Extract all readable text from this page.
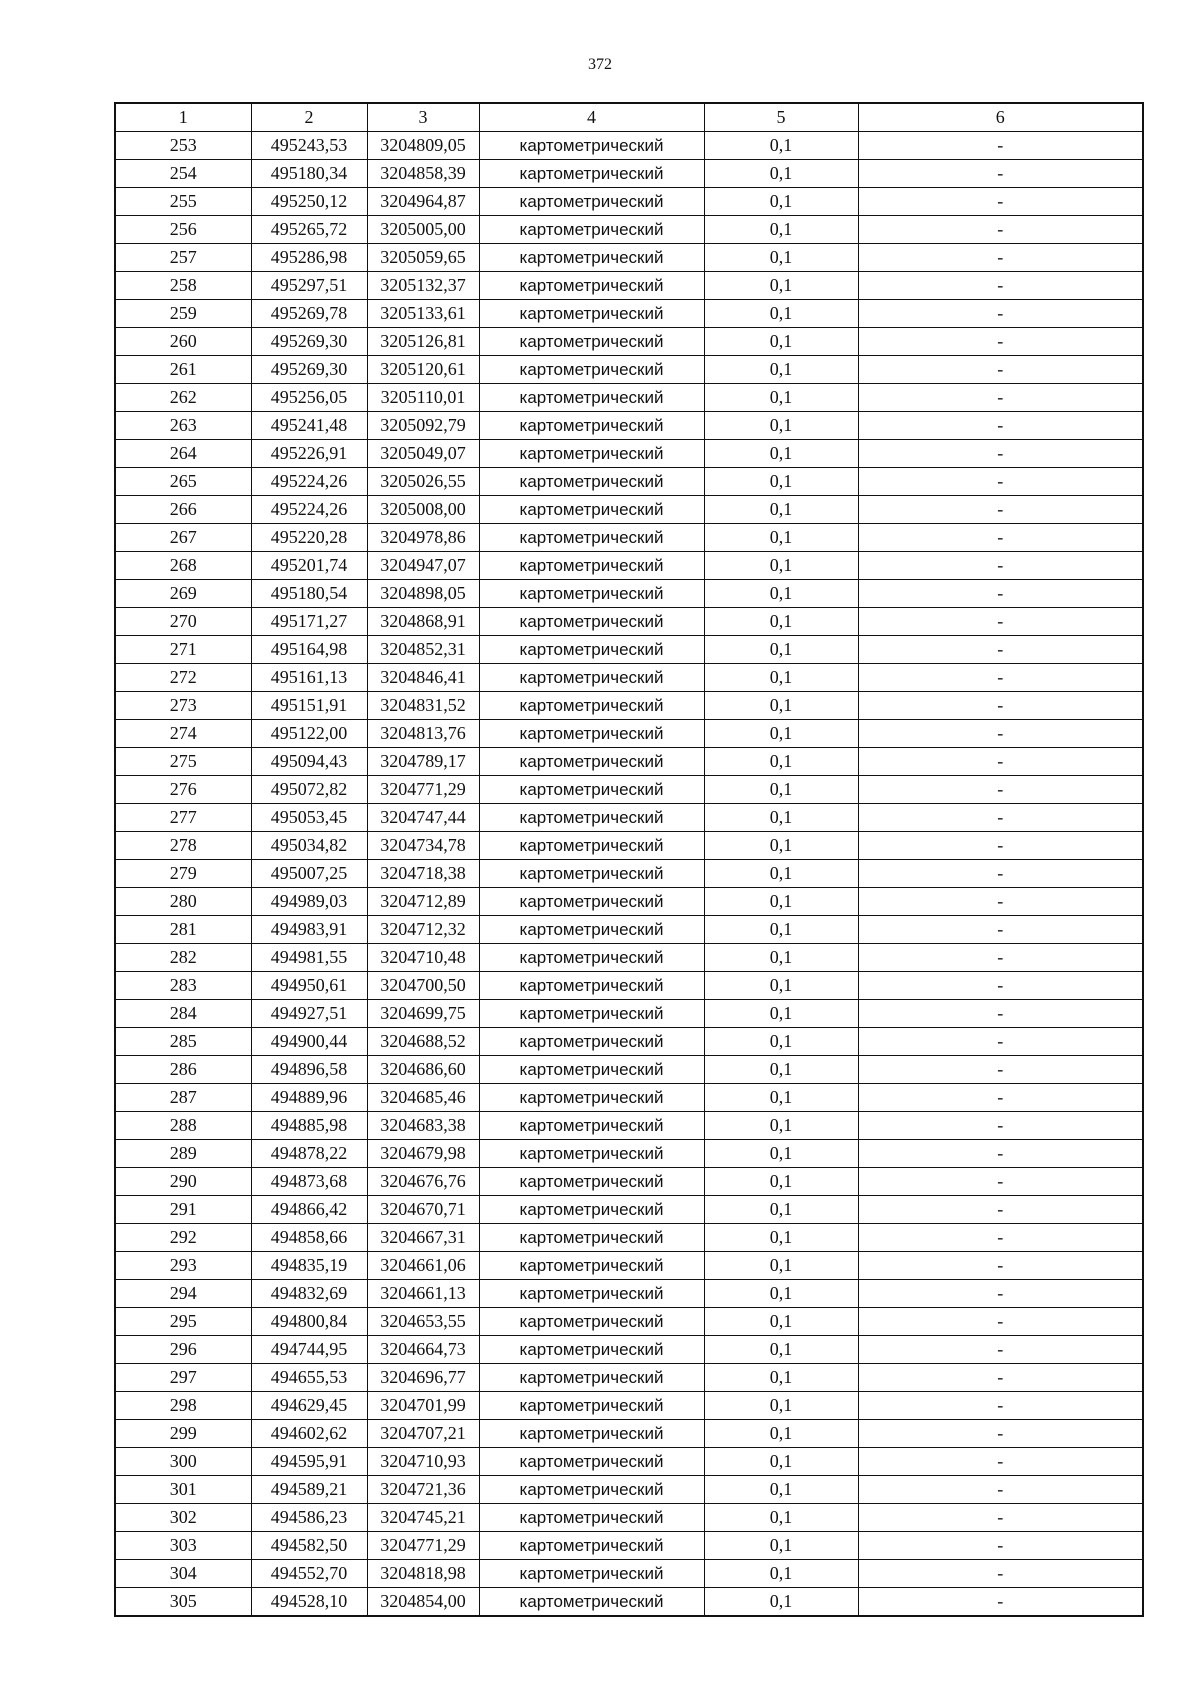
372
1	2	3	4	5	6
253	495243,53	3204809,05	картометрический	0,1	-
254	495180,34	3204858,39	картометрический	0,1	-
255	495250,12	3204964,87	картометрический	0,1	-
256	495265,72	3205005,00	картометрический	0,1	-
257	495286,98	3205059,65	картометрический	0,1	-
258	495297,51	3205132,37	картометрический	0,1	-
259	495269,78	3205133,61	картометрический	0,1	-
260	495269,30	3205126,81	картометрический	0,1	-
261	495269,30	3205120,61	картометрический	0,1	-
262	495256,05	3205110,01	картометрический	0,1	-
263	495241,48	3205092,79	картометрический	0,1	-
264	495226,91	3205049,07	картометрический	0,1	-
265	495224,26	3205026,55	картометрический	0,1	-
266	495224,26	3205008,00	картометрический	0,1	-
267	495220,28	3204978,86	картометрический	0,1	-
268	495201,74	3204947,07	картометрический	0,1	-
269	495180,54	3204898,05	картометрический	0,1	-
270	495171,27	3204868,91	картометрический	0,1	-
271	495164,98	3204852,31	картометрический	0,1	-
272	495161,13	3204846,41	картометрический	0,1	-
273	495151,91	3204831,52	картометрический	0,1	-
274	495122,00	3204813,76	картометрический	0,1	-
275	495094,43	3204789,17	картометрический	0,1	-
276	495072,82	3204771,29	картометрический	0,1	-
277	495053,45	3204747,44	картометрический	0,1	-
278	495034,82	3204734,78	картометрический	0,1	-
279	495007,25	3204718,38	картометрический	0,1	-
280	494989,03	3204712,89	картометрический	0,1	-
281	494983,91	3204712,32	картометрический	0,1	-
282	494981,55	3204710,48	картометрический	0,1	-
283	494950,61	3204700,50	картометрический	0,1	-
284	494927,51	3204699,75	картометрический	0,1	-
285	494900,44	3204688,52	картометрический	0,1	-
286	494896,58	3204686,60	картометрический	0,1	-
287	494889,96	3204685,46	картометрический	0,1	-
288	494885,98	3204683,38	картометрический	0,1	-
289	494878,22	3204679,98	картометрический	0,1	-
290	494873,68	3204676,76	картометрический	0,1	-
291	494866,42	3204670,71	картометрический	0,1	-
292	494858,66	3204667,31	картометрический	0,1	-
293	494835,19	3204661,06	картометрический	0,1	-
294	494832,69	3204661,13	картометрический	0,1	-
295	494800,84	3204653,55	картометрический	0,1	-
296	494744,95	3204664,73	картометрический	0,1	-
297	494655,53	3204696,77	картометрический	0,1	-
298	494629,45	3204701,99	картометрический	0,1	-
299	494602,62	3204707,21	картометрический	0,1	-
300	494595,91	3204710,93	картометрический	0,1	-
301	494589,21	3204721,36	картометрический	0,1	-
302	494586,23	3204745,21	картометрический	0,1	-
303	494582,50	3204771,29	картометрический	0,1	-
304	494552,70	3204818,98	картометрический	0,1	-
305	494528,10	3204854,00	картометрический	0,1	-
